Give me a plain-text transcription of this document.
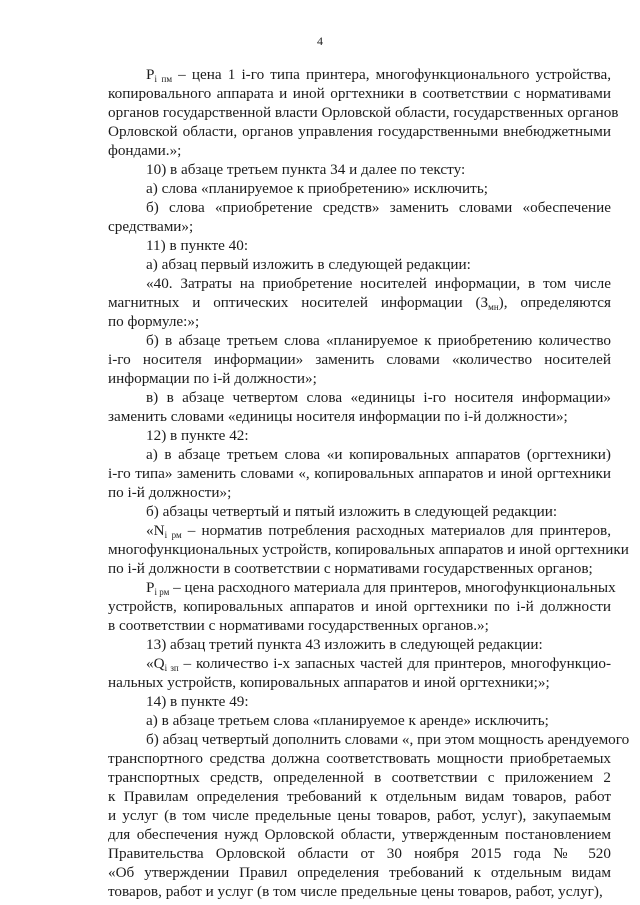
4
$P_{i пм}$ – цена 1 i-го типа принтера, многофункционального устройства,
копировального аппарата и иной оргтехники в соответствии с нормативами
органов государственной власти Орловской области, государственных органов
Орловской области, органов управления государственными внебюджетными
фондами.»;
10) в абзаце третьем пункта 34 и далее по тексту:
а) слова «планируемое к приобретению» исключить;
б) слова «приобретение средств» заменить словами «обеспечение
средствами»;
11) в пункте 40:
а) абзац первый изложить в следующей редакции:
«40. Затраты на приобретение носителей информации, в том числе
магнитных и оптических носителей информации $(З_{мн})$, определяются
по формуле:»;
б) в абзаце третьем слова «планируемое к приобретению количество
i-го носителя информации» заменить словами «количество носителей
информации по i-й должности»;
в) в абзаце четвертом слова «единицы i-го носителя информации»
заменить словами «единицы носителя информации по i-й должности»;
12) в пункте 42:
а) в абзаце третьем слова «и копировальных аппаратов (оргтехники)
i-го типа» заменить словами «, копировальных аппаратов и иной оргтехники
по i-й должности»;
б) абзацы четвертый и пятый изложить в следующей редакции:
«$N_{i рм}$ – норматив потребления расходных материалов для принтеров,
многофункциональных устройств, копировальных аппаратов и иной оргтехники
по i-й должности в соответствии с нормативами государственных органов;
$P_{i рм}$ – цена расходного материала для принтеров, многофункциональных
устройств, копировальных аппаратов и иной оргтехники по i-й должности
в соответствии с нормативами государственных органов.»;
13) абзац третий пункта 43 изложить в следующей редакции:
«$Q_{i зп}$ – количество i-х запасных частей для принтеров, многофункцио-
нальных устройств, копировальных аппаратов и иной оргтехники;»;
14) в пункте 49:
а) в абзаце третьем слова «планируемое к аренде» исключить;
б) абзац четвертый дополнить словами «, при этом мощность арендуемого
транспортного средства должна соответствовать мощности приобретаемых
транспортных средств, определенной в соответствии с приложением 2
к Правилам определения требований к отдельным видам товаров, работ
и услуг (в том числе предельные цены товаров, работ, услуг), закупаемым
для обеспечения нужд Орловской области, утвержденным постановлением
Правительства Орловской области от 30 ноября 2015 года № 520
«Об утверждении Правил определения требований к отдельным видам
товаров, работ и услуг (в том числе предельные цены товаров, работ, услуг),
